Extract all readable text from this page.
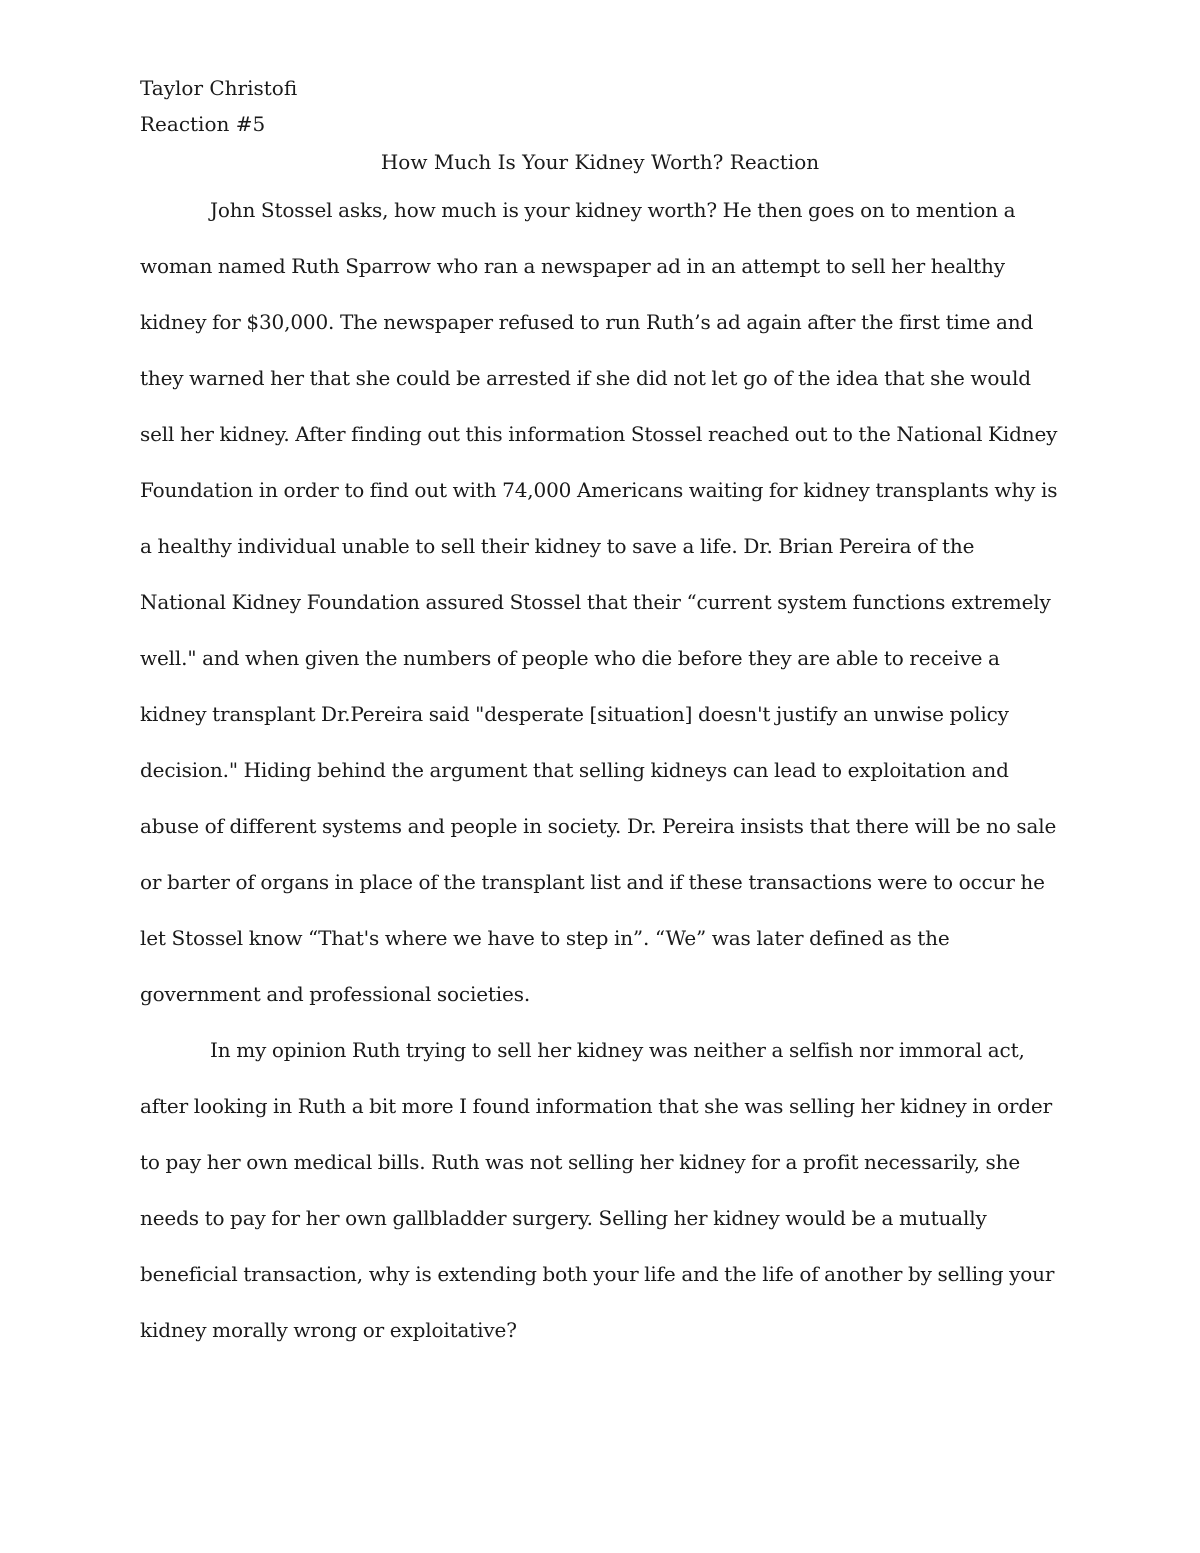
Taylor Christofi

Reaction #5

How Much Is Your Kidney Worth? Reaction

John Stossel asks, how much is your kidney worth? He then goes on to mention a woman named Ruth Sparrow who ran a newspaper ad in an attempt to sell her healthy kidney for $30,000. The newspaper refused to run Ruth’s ad again after the first time and they warned her that she could be arrested if she did not let go of the idea that she would sell her kidney. After finding out this information Stossel reached out to the National Kidney Foundation in order to find out with 74,000 Americans waiting for kidney transplants why is a healthy individual unable to sell their kidney to save a life. Dr. Brian Pereira of the National Kidney Foundation assured Stossel that their “current system functions extremely well." and when given the numbers of people who die before they are able to receive a kidney transplant Dr.Pereira said "desperate [situation] doesn't justify an unwise policy decision." Hiding behind the argument that selling kidneys can lead to exploitation and abuse of different systems and people in society. Dr. Pereira insists that there will be no sale or barter of organs in place of the transplant list and if these transactions were to occur he let Stossel know “That's where we have to step in”. “We” was later defined as the government and professional societies.

In my opinion Ruth trying to sell her kidney was neither a selfish nor immoral act, after looking in Ruth a bit more I found information that she was selling her kidney in order to pay her own medical bills. Ruth was not selling her kidney for a profit necessarily, she needs to pay for her own gallbladder surgery. Selling her kidney would be a mutually beneficial transaction, why is extending both your life and the life of another by selling your kidney morally wrong or exploitative?
